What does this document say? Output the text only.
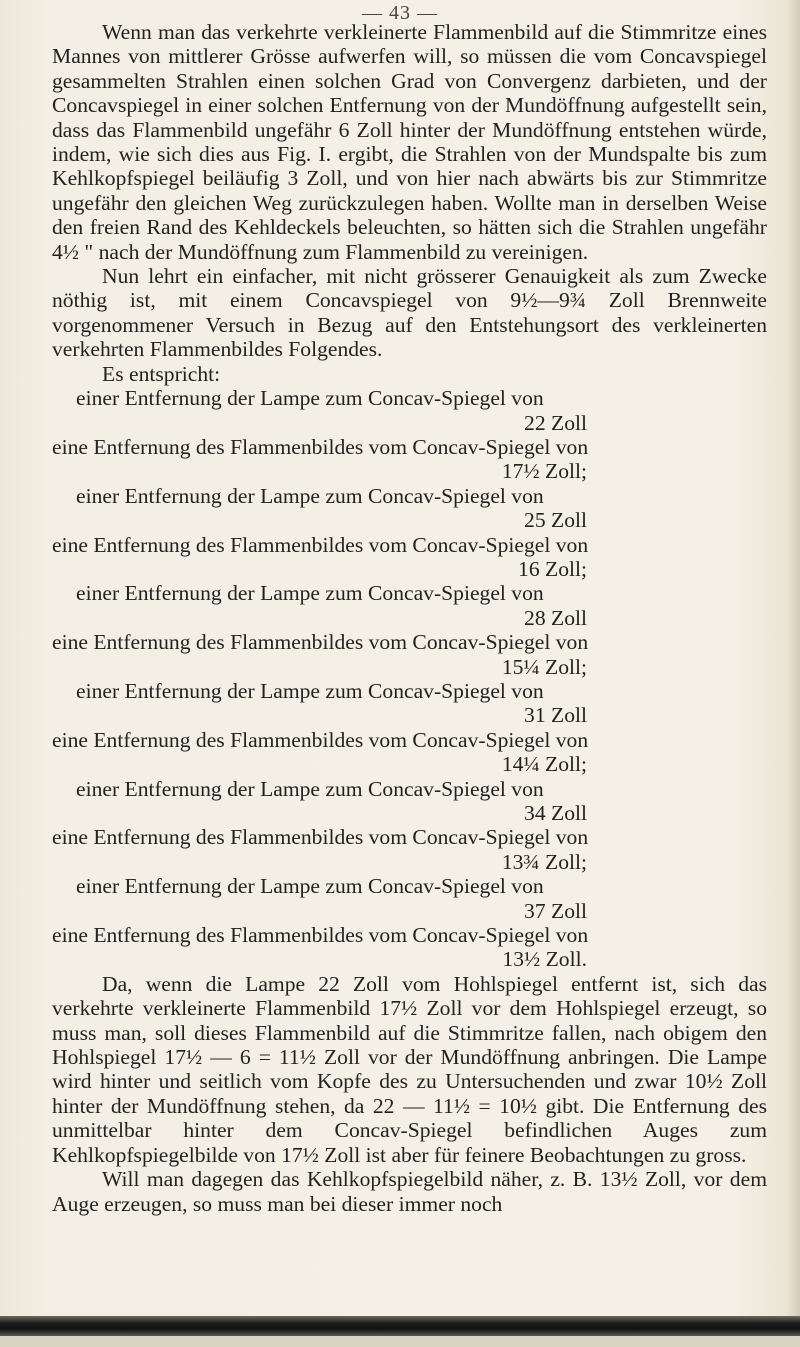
— 43 —

Wenn man das verkehrte verkleinerte Flammenbild auf die Stimmritze eines Mannes von mittlerer Grösse aufwerfen will, so müssen die vom Concavspiegel gesammelten Strahlen einen solchen Grad von Convergenz darbieten, und der Concavspiegel in einer solchen Entfernung von der Mundöffnung aufgestellt sein, dass das Flammenbild ungefähr 6 Zoll hinter der Mundöffnung entstehen würde, indem, wie sich dies aus Fig. I. ergibt, die Strahlen von der Mundspalte bis zum Kehlkopfspiegel beiläufig 3 Zoll, und von hier nach abwärts bis zur Stimmritze ungefähr den gleichen Weg zurückzulegen haben. Wollte man in derselben Weise den freien Rand des Kehldeckels beleuchten, so hätten sich die Strahlen ungefähr 4½ " nach der Mundöffnung zum Flammenbild zu vereinigen.

Nun lehrt ein einfacher, mit nicht grösserer Genauigkeit als zum Zwecke nöthig ist, mit einem Concavspiegel von 9½—9¾ Zoll Brennweite vorgenommener Versuch in Bezug auf den Entstehungsort des verkleinerten verkehrten Flammenbildes Folgendes.

Es entspricht:

einer Entfernung der Lampe zum Concav-Spiegel von
22 Zoll
eine Entfernung des Flammenbildes vom Concav-Spiegel von
17½ Zoll;
einer Entfernung der Lampe zum Concav-Spiegel von
25 Zoll
eine Entfernung des Flammenbildes vom Concav-Spiegel von
16 Zoll;
einer Entfernung der Lampe zum Concav-Spiegel von
28 Zoll
eine Entfernung des Flammenbildes vom Concav-Spiegel von
15¼ Zoll;
einer Entfernung der Lampe zum Concav-Spiegel von
31 Zoll
eine Entfernung des Flammenbildes vom Concav-Spiegel von
14¼ Zoll;
einer Entfernung der Lampe zum Concav-Spiegel von
34 Zoll
eine Entfernung des Flammenbildes vom Concav-Spiegel von
13¾ Zoll;
einer Entfernung der Lampe zum Concav-Spiegel von
37 Zoll
eine Entfernung des Flammenbildes vom Concav-Spiegel von
13½ Zoll.

Da, wenn die Lampe 22 Zoll vom Hohlspiegel entfernt ist, sich das verkehrte verkleinerte Flammenbild 17½ Zoll vor dem Hohlspiegel erzeugt, so muss man, soll dieses Flammenbild auf die Stimmritze fallen, nach obigem den Hohlspiegel 17½ — 6 = 11½ Zoll vor der Mundöffnung anbringen. Die Lampe wird hinter und seitlich vom Kopfe des zu Untersuchenden und zwar 10½ Zoll hinter der Mundöffnung stehen, da 22 — 11½ = 10½ gibt. Die Entfernung des unmittelbar hinter dem Concav-Spiegel befindlichen Auges zum Kehlkopfspiegelbilde von 17½ Zoll ist aber für feinere Beobachtungen zu gross.

Will man dagegen das Kehlkopfspiegelbild näher, z. B. 13½ Zoll, vor dem Auge erzeugen, so muss man bei dieser immer noch
